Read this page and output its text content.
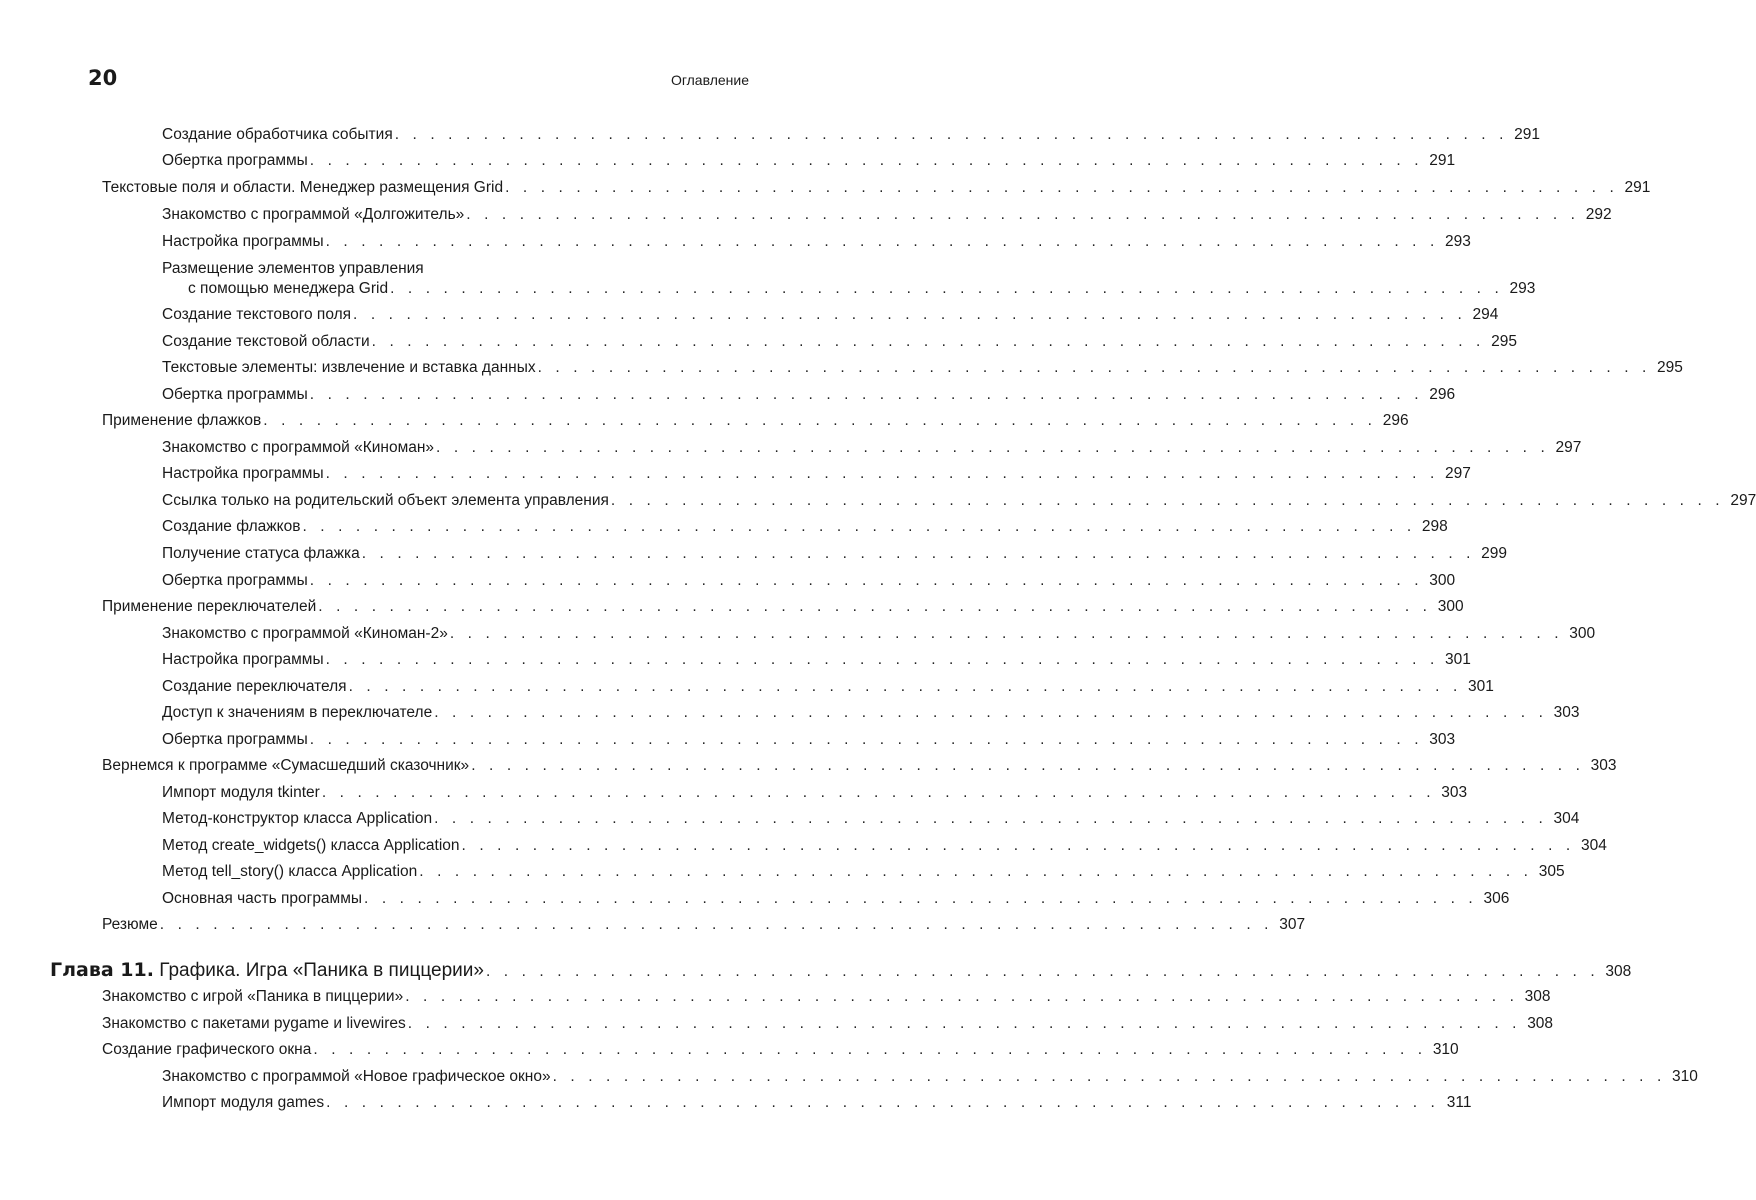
20	Оглавление
Создание обработчика события . . . . . . . . . . . . . . . . . . . . . . . . . . . . . . . . . . . . . . . . . . . . . . . . . . . . . . . . . . . . . . . 291
Обертка программы . . . . . . . . . . . . . . . . . . . . . . . . . . . . . . . . . . . . . . . . . . . . . . . . . . . . . . . . . . . . . . . 291
Текстовые поля и области. Менеджер размещения Grid . . . . . . . . . . . . . . . . . . . . . . . . . . . . . . . . . . . . . . . . . . . . . . . . . . . . . . . . . . . . . . . 291
Знакомство с программой «Долгожитель» . . . . . . . . . . . . . . . . . . . . . . . . . . . . . . . . . . . . . . . . . . . . . . . . . . . . . . . . . . . . . . . 292
Настройка программы . . . . . . . . . . . . . . . . . . . . . . . . . . . . . . . . . . . . . . . . . . . . . . . . . . . . . . . . . . . . . . . 293
Размещение элементов управления
с помощью менеджера Grid . . . . . . . . . . . . . . . . . . . . . . . . . . . . . . . . . . . . . . . . . . . . . . . . . . . . . . . . . . . . . . . 293
Создание текстового поля . . . . . . . . . . . . . . . . . . . . . . . . . . . . . . . . . . . . . . . . . . . . . . . . . . . . . . . . . . . . . . . 294
Создание текстовой области . . . . . . . . . . . . . . . . . . . . . . . . . . . . . . . . . . . . . . . . . . . . . . . . . . . . . . . . . . . . . . . 295
Текстовые элементы: извлечение и вставка данных . . . . . . . . . . . . . . . . . . . . . . . . . . . . . . . . . . . . . . . . . . . . . . . . . . . . . . . . . . . . . . . 295
Обертка программы . . . . . . . . . . . . . . . . . . . . . . . . . . . . . . . . . . . . . . . . . . . . . . . . . . . . . . . . . . . . . . . 296
Применение флажков . . . . . . . . . . . . . . . . . . . . . . . . . . . . . . . . . . . . . . . . . . . . . . . . . . . . . . . . . . . . . . . 296
Знакомство с программой «Киноман» . . . . . . . . . . . . . . . . . . . . . . . . . . . . . . . . . . . . . . . . . . . . . . . . . . . . . . . . . . . . . . . 297
Настройка программы . . . . . . . . . . . . . . . . . . . . . . . . . . . . . . . . . . . . . . . . . . . . . . . . . . . . . . . . . . . . . . . 297
Ссылка только на родительский объект элемента управления . . . . . . . . . . . . . . . . . . . . . . . . . . . . . . . . . . . . . . . . . . . . . . . . . . . . . . . . . . . . . . . 297
Создание флажков . . . . . . . . . . . . . . . . . . . . . . . . . . . . . . . . . . . . . . . . . . . . . . . . . . . . . . . . . . . . . . . 298
Получение статуса флажка . . . . . . . . . . . . . . . . . . . . . . . . . . . . . . . . . . . . . . . . . . . . . . . . . . . . . . . . . . . . . . . 299
Обертка программы . . . . . . . . . . . . . . . . . . . . . . . . . . . . . . . . . . . . . . . . . . . . . . . . . . . . . . . . . . . . . . . 300
Применение переключателей . . . . . . . . . . . . . . . . . . . . . . . . . . . . . . . . . . . . . . . . . . . . . . . . . . . . . . . . . . . . . . . 300
Знакомство с программой «Киноман-2» . . . . . . . . . . . . . . . . . . . . . . . . . . . . . . . . . . . . . . . . . . . . . . . . . . . . . . . . . . . . . . . 300
Настройка программы . . . . . . . . . . . . . . . . . . . . . . . . . . . . . . . . . . . . . . . . . . . . . . . . . . . . . . . . . . . . . . . 301
Создание переключателя . . . . . . . . . . . . . . . . . . . . . . . . . . . . . . . . . . . . . . . . . . . . . . . . . . . . . . . . . . . . . . . 301
Доступ к значениям в переключателе . . . . . . . . . . . . . . . . . . . . . . . . . . . . . . . . . . . . . . . . . . . . . . . . . . . . . . . . . . . . . . . 303
Обертка программы . . . . . . . . . . . . . . . . . . . . . . . . . . . . . . . . . . . . . . . . . . . . . . . . . . . . . . . . . . . . . . . 303
Вернемся к программе «Сумасшедший сказочник» . . . . . . . . . . . . . . . . . . . . . . . . . . . . . . . . . . . . . . . . . . . . . . . . . . . . . . . . . . . . . . . 303
Импорт модуля tkinter . . . . . . . . . . . . . . . . . . . . . . . . . . . . . . . . . . . . . . . . . . . . . . . . . . . . . . . . . . . . . . . 303
Метод-конструктор класса Application . . . . . . . . . . . . . . . . . . . . . . . . . . . . . . . . . . . . . . . . . . . . . . . . . . . . . . . . . . . . . . . 304
Метод create_widgets() класса Application . . . . . . . . . . . . . . . . . . . . . . . . . . . . . . . . . . . . . . . . . . . . . . . . . . . . . . . . . . . . . . . 304
Метод tell_story() класса Application . . . . . . . . . . . . . . . . . . . . . . . . . . . . . . . . . . . . . . . . . . . . . . . . . . . . . . . . . . . . . . . 305
Основная часть программы . . . . . . . . . . . . . . . . . . . . . . . . . . . . . . . . . . . . . . . . . . . . . . . . . . . . . . . . . . . . . . . 306
Резюме . . . . . . . . . . . . . . . . . . . . . . . . . . . . . . . . . . . . . . . . . . . . . . . . . . . . . . . . . . . . . . . 307
Глава 11. Графика. Игра «Паника в пиццерии» . . . . . . . . . . . . . . . . . . . . . . . . . . . . . . . . . . . . . . . . . . . . . . . . . . . . . . . . . . . . . . . 308
Знакомство с игрой «Паника в пиццерии» . . . . . . . . . . . . . . . . . . . . . . . . . . . . . . . . . . . . . . . . . . . . . . . . . . . . . . . . . . . . . . . 308
Знакомство с пакетами pygame и livewires . . . . . . . . . . . . . . . . . . . . . . . . . . . . . . . . . . . . . . . . . . . . . . . . . . . . . . . . . . . . . . . 308
Создание графического окна . . . . . . . . . . . . . . . . . . . . . . . . . . . . . . . . . . . . . . . . . . . . . . . . . . . . . . . . . . . . . . . 310
Знакомство с программой «Новое графическое окно» . . . . . . . . . . . . . . . . . . . . . . . . . . . . . . . . . . . . . . . . . . . . . . . . . . . . . . . . . . . . . . . 310
Импорт модуля games . . . . . . . . . . . . . . . . . . . . . . . . . . . . . . . . . . . . . . . . . . . . . . . . . . . . . . . . . . . . . . . 311
